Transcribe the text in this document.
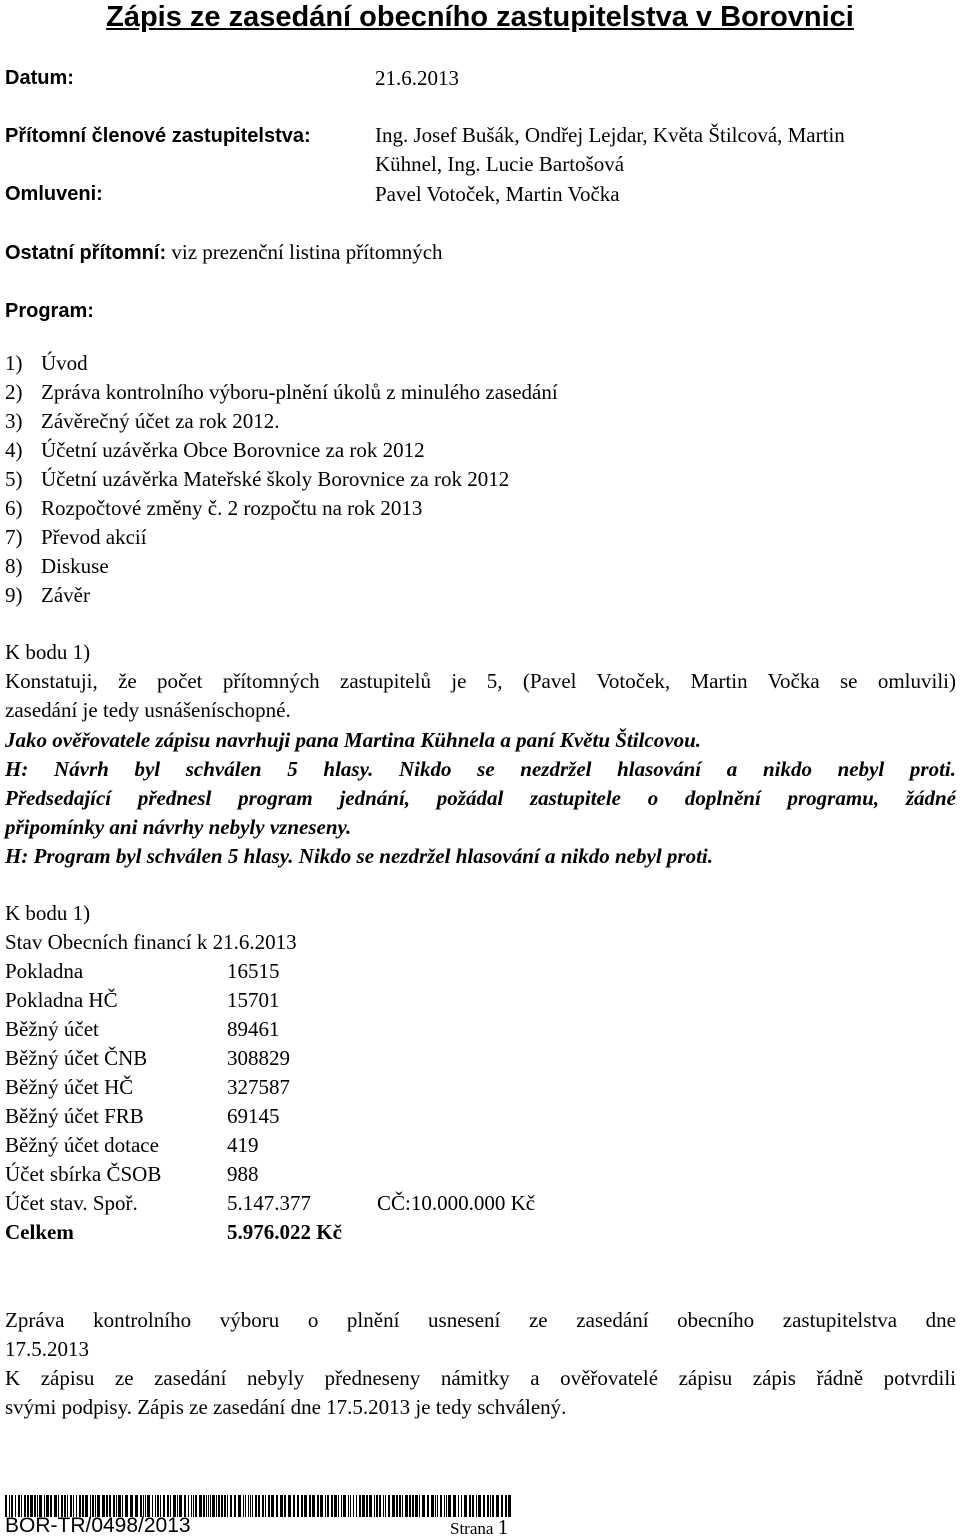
Zápis ze zasedání obecního zastupitelstva v Borovnici
Datum:	21.6.2013
Přítomní členové zastupitelstva:	Ing. Josef Bušák, Ondřej Lejdar, Květa Štilcová, Martin
Kühnel, Ing. Lucie Bartošová
Omluveni:	Pavel Votoček, Martin Vočka
Ostatní přítomní: viz prezenční listina přítomných
Program:
1) Úvod
2) Zpráva kontrolního výboru-plnění úkolů z minulého zasedání
3) Závěrečný účet za rok 2012.
4) Účetní uzávěrka Obce Borovnice za rok 2012
5) Účetní uzávěrka Mateřské školy Borovnice za rok 2012
6) Rozpočtové změny č. 2 rozpočtu na rok 2013
7) Převod akcií
8) Diskuse
9) Závěr
K bodu 1)
Konstatuji, že počet přítomných zastupitelů je 5, (Pavel Votoček, Martin Vočka se omluvili)
zasedání je tedy usnášeníschopné.
Jako ověřovatele zápisu navrhuji pana Martina Kühnela a paní Květu Štilcovou.
H: Návrh byl schválen 5 hlasy. Nikdo se nezdržel hlasování a nikdo nebyl proti.
Předsedající přednesl program jednání, požádal zastupitele o doplnění programu, žádné
připomínky ani návrhy nebyly vzneseny.
H: Program byl schválen 5 hlasy. Nikdo se nezdržel hlasování a nikdo nebyl proti.
K bodu 1)
Stav Obecních financí k 21.6.2013
Pokladna	16515
Pokladna HČ	15701
Běžný účet	89461
Běžný účet ČNB	308829
Běžný účet HČ	327587
Běžný účet FRB	69145
Běžný účet dotace	419
Účet sbírka ČSOB	988
Účet stav. Spoř.	5.147.377	CČ:10.000.000 Kč
Celkem	5.976.022 Kč
Zpráva kontrolního výboru o plnění usnesení ze zasedání obecního zastupitelstva dne
17.5.2013
K zápisu ze zasedání nebyly předneseny námitky a ověřovatelé zápisu zápis řádně potvrdili
svými podpisy. Zápis ze zasedání dne 17.5.2013 je tedy schválený.
BOR-TR/0498/2013	Strana 1
